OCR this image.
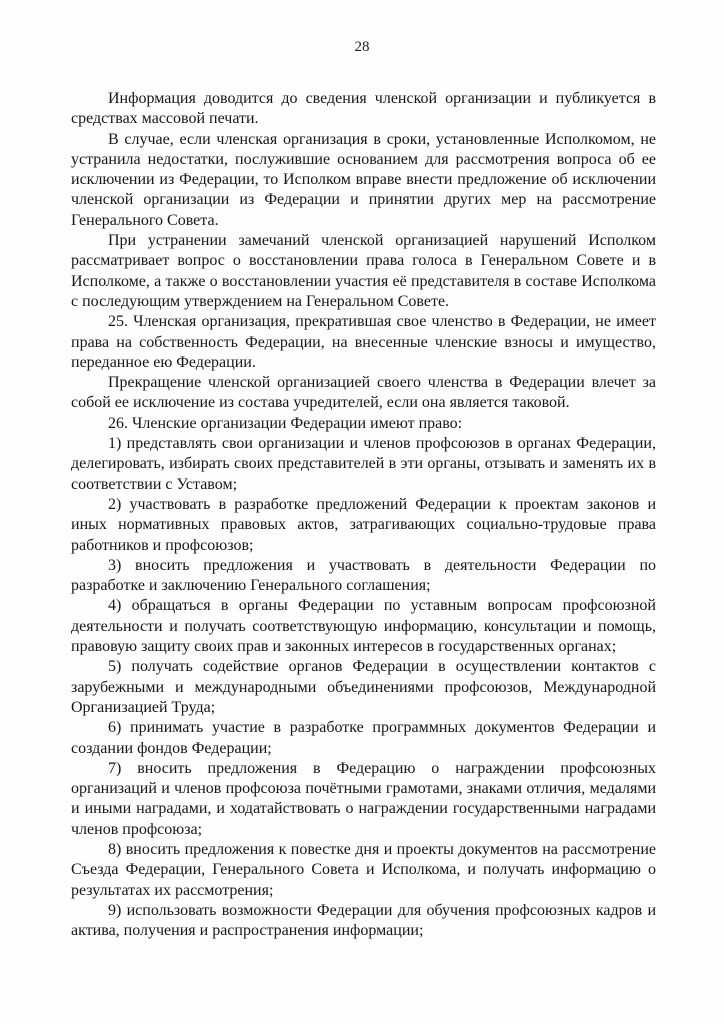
28

Информация доводится до сведения членской организации и публикуется в средствах массовой печати.

В случае, если членская организация в сроки, установленные Исполкомом, не устранила недостатки, послужившие основанием для рассмотрения вопроса об ее исключении из Федерации, то Исполком вправе внести предложение об исключении членской организации из Федерации и принятии других мер на рассмотрение Генерального Совета.

При устранении замечаний членской организацией нарушений Исполком рассматривает вопрос о восстановлении права голоса в Генеральном Совете и в Исполкоме, а также о восстановлении участия её представителя в составе Исполкома с последующим утверждением на Генеральном Совете.

25. Членская организация, прекратившая свое членство в Федерации, не имеет права на собственность Федерации, на внесенные членские взносы и имущество, переданное ею Федерации.

Прекращение членской организацией своего членства в Федерации влечет за собой ее исключение из состава учредителей, если она является таковой.

26. Членские организации Федерации имеют право:

1) представлять свои организации и членов профсоюзов в органах Федерации, делегировать, избирать своих представителей в эти органы, отзывать и заменять их в соответствии с Уставом;

2) участвовать в разработке предложений Федерации к проектам законов и иных нормативных правовых актов, затрагивающих социально-трудовые права работников и профсоюзов;

3) вносить предложения и участвовать в деятельности Федерации по разработке и заключению Генерального соглашения;

4) обращаться в органы Федерации по уставным вопросам профсоюзной деятельности и получать соответствующую информацию, консультации и помощь, правовую защиту своих прав и законных интересов в государственных органах;

5) получать содействие органов Федерации в осуществлении контактов с зарубежными и международными объединениями профсоюзов, Международной Организацией Труда;

6) принимать участие в разработке программных документов Федерации и создании фондов Федерации;

7) вносить предложения в Федерацию о награждении профсоюзных организаций и членов профсоюза почётными грамотами, знаками отличия, медалями и иными наградами, и ходатайствовать о награждении государственными наградами членов профсоюза;

8) вносить предложения к повестке дня и проекты документов на рассмотрение Съезда Федерации, Генерального Совета и Исполкома, и получать информацию о результатах их рассмотрения;

9) использовать возможности Федерации для обучения профсоюзных кадров и актива, получения и распространения информации;
